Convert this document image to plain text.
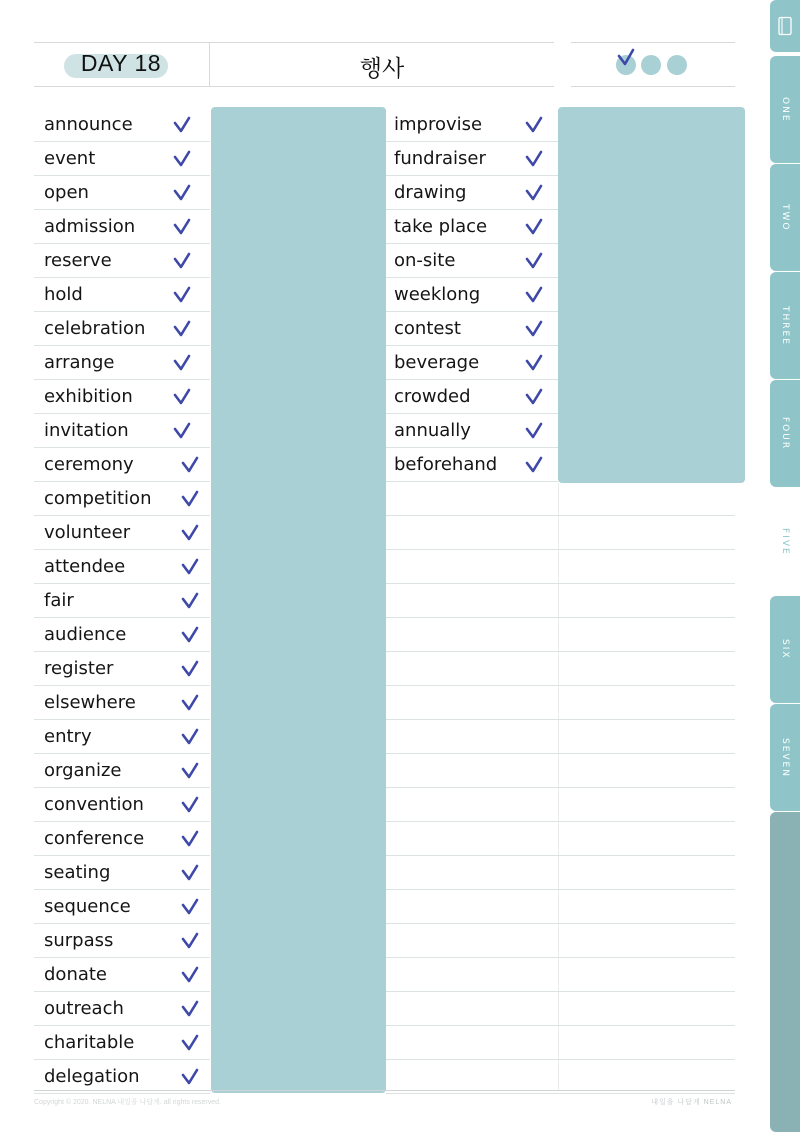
DAY 18	행사
announce
event
open
admission
reserve
hold
celebration
arrange
exhibition
invitation
ceremony
competition
volunteer
attendee
fair
audience
register
elsewhere
entry
organize
convention
conference
seating
sequence
surpass
donate
outreach
charitable
delegation
improvise
fundraiser
drawing
take place
on-site
weeklong
contest
beverage
crowded
annually
beforehand
Copyright © 2020. NELNA 내일을 나답게. all rights reserved.	내일을 나답게 NELNA
ONE
TWO
THREE
FOUR
FIVE
SIX
SEVEN
